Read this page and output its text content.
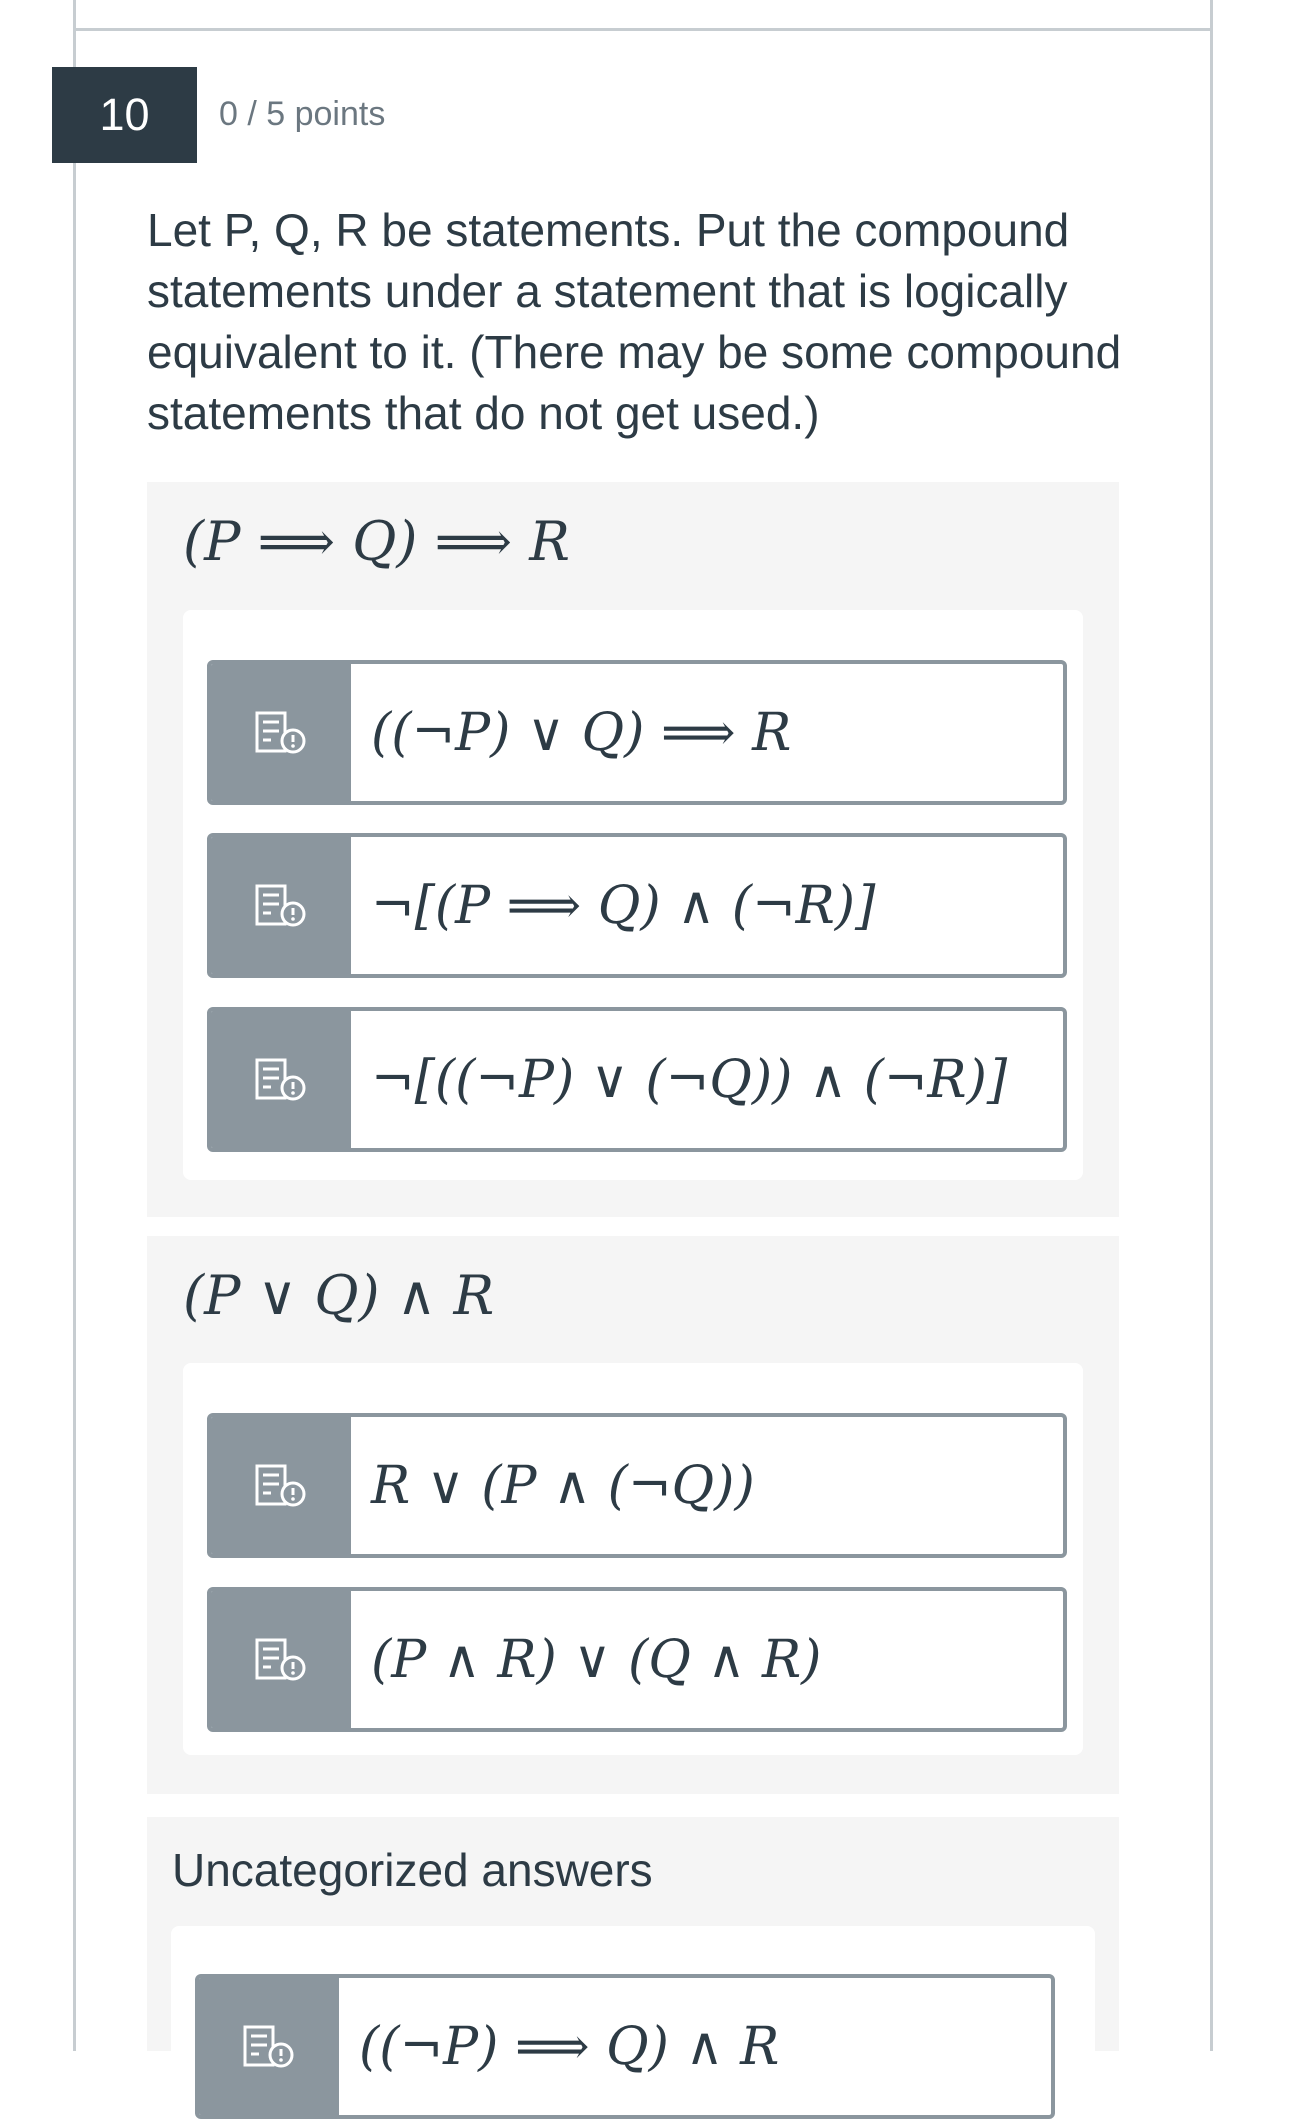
10 0 / 5 points
Let P, Q, R be statements. Put the compound
statements under a statement that is logically
equivalent to it. (There may be some compound
statements that do not get used.)
(P ⟹ Q) ⟹ R
((¬P) ∨ Q) ⟹ R
¬[(P ⟹ Q) ∧ (¬R)]
¬[((¬P) ∨ (¬Q)) ∧ (¬R)]
(P ∨ Q) ∧ R
R ∨ (P ∧ (¬Q))
(P ∧ R) ∨ (Q ∧ R)
Uncategorized answers
((¬P) ⟹ Q) ∧ R
